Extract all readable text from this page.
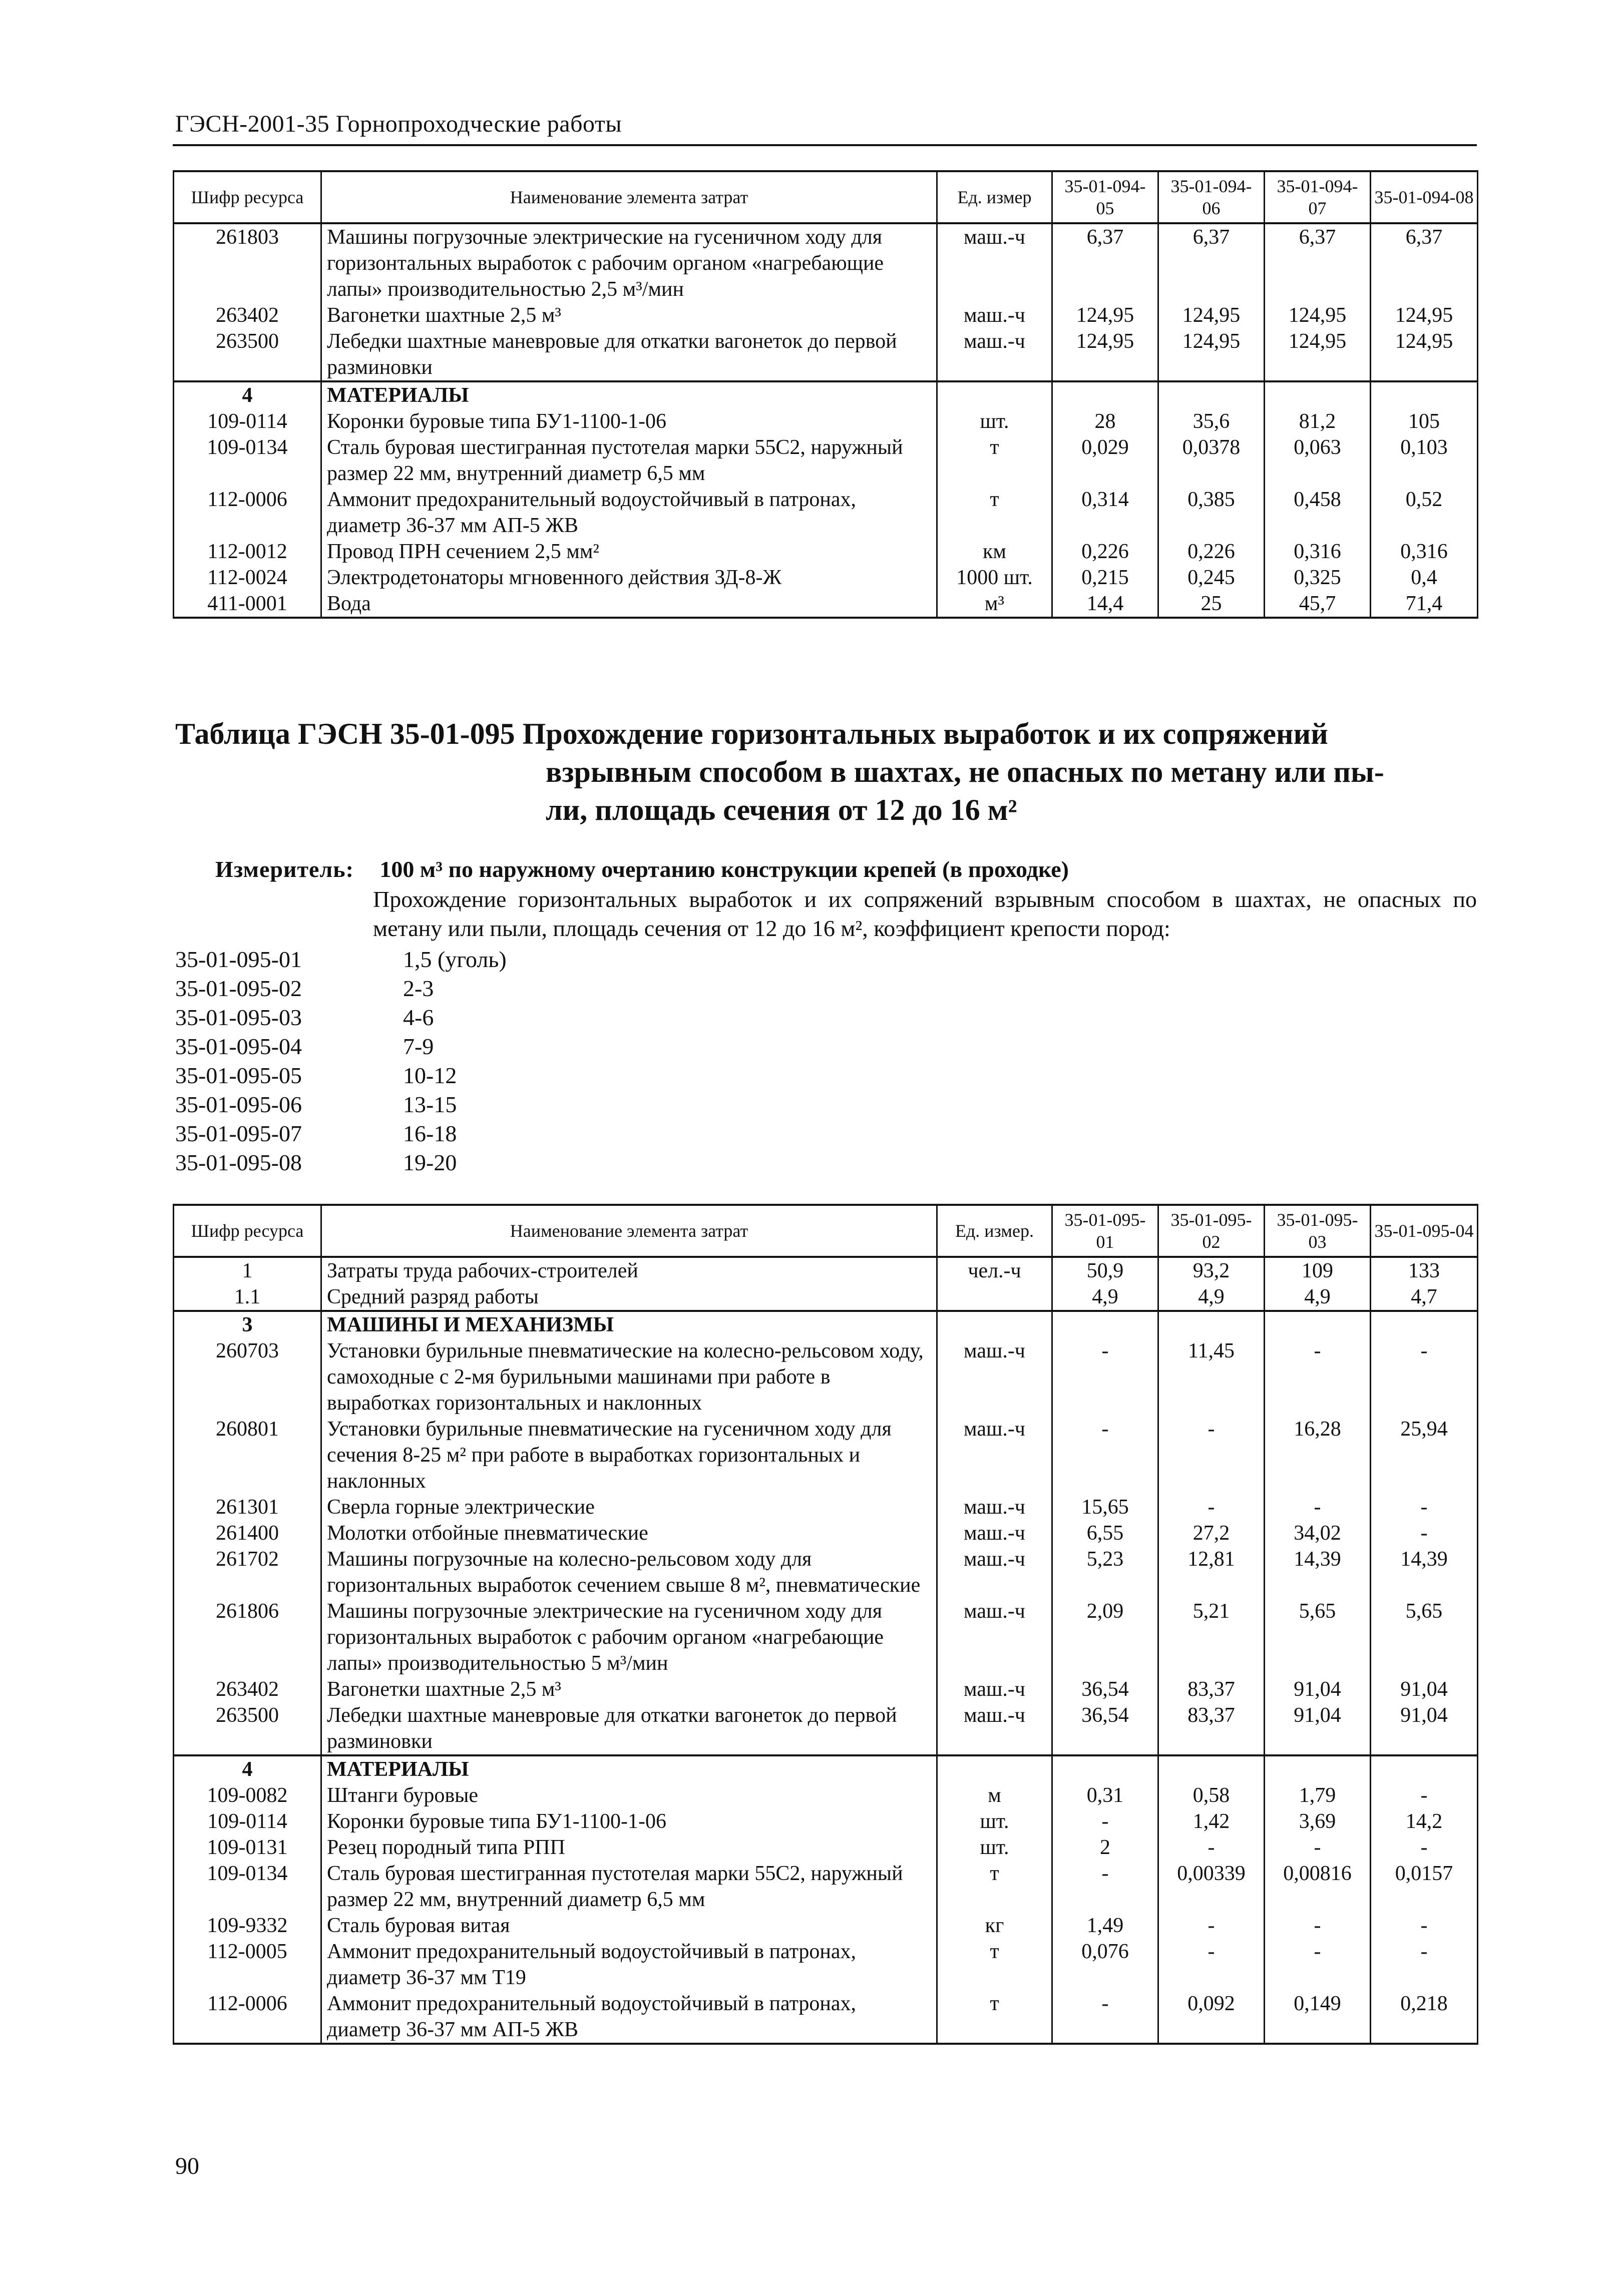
ГЭСН-2001-35 Горнопроходческие работы
Шифр ресурса	Наименование элемента затрат	Ед. измер	35-01-094-05	35-01-094-06	35-01-094-07	35-01-094-08
261803	Машины погрузочные электрические на гусеничном ходу для горизонтальных выработок с рабочим органом «нагребающие лапы» производительностью 2,5 м³/мин	маш.-ч	6,37	6,37	6,37	6,37
263402	Вагонетки шахтные 2,5 м³	маш.-ч	124,95	124,95	124,95	124,95
263500	Лебедки шахтные маневровые для откатки вагонеток до первой разминовки	маш.-ч	124,95	124,95	124,95	124,95
4	МАТЕРИАЛЫ					
109-0114	Коронки буровые типа БУ1-1100-1-06	шт.	28	35,6	81,2	105
109-0134	Сталь буровая шестигранная пустотелая марки 55С2, наружный размер 22 мм, внутренний диаметр 6,5 мм	т	0,029	0,0378	0,063	0,103
112-0006	Аммонит предохранительный водоустойчивый в патронах, диаметр 36-37 мм АП-5 ЖВ	т	0,314	0,385	0,458	0,52
112-0012	Провод ПРН сечением 2,5 мм²	км	0,226	0,226	0,316	0,316
112-0024	Электродетонаторы мгновенного действия ЗД-8-Ж	1000 шт.	0,215	0,245	0,325	0,4
411-0001	Вода	м³	14,4	25	45,7	71,4
Таблица ГЭСН 35-01-095 Прохождение горизонтальных выработок и их сопряжений
взрывным способом в шахтах, не опасных по метану или пы-
ли, площадь сечения от 12 до 16 м²
Измеритель: 100 м³ по наружному очертанию конструкции крепей (в проходке)
Прохождение горизонтальных выработок и их сопряжений взрывным способом в шахтах, не опасных по метану или пыли, площадь сечения от 12 до 16 м², коэффициент крепости пород:
35-01-095-01	1,5 (уголь)
35-01-095-02	2-3
35-01-095-03	4-6
35-01-095-04	7-9
35-01-095-05	10-12
35-01-095-06	13-15
35-01-095-07	16-18
35-01-095-08	19-20
Шифр ресурса	Наименование элемента затрат	Ед. измер.	35-01-095-01	35-01-095-02	35-01-095-03	35-01-095-04
1	Затраты труда рабочих-строителей	чел.-ч	50,9	93,2	109	133
1.1	Средний разряд работы		4,9	4,9	4,9	4,7
3	МАШИНЫ И МЕХАНИЗМЫ					
260703	Установки бурильные пневматические на колесно-рельсовом ходу, самоходные с 2-мя бурильными машинами при работе в выработках горизонтальных и наклонных	маш.-ч	-	11,45	-	-
260801	Установки бурильные пневматические на гусеничном ходу для сечения 8-25 м² при работе в выработках горизонтальных и наклонных	маш.-ч	-	-	16,28	25,94
261301	Сверла горные электрические	маш.-ч	15,65	-	-	-
261400	Молотки отбойные пневматические	маш.-ч	6,55	27,2	34,02	-
261702	Машины погрузочные на колесно-рельсовом ходу для горизонтальных выработок сечением свыше 8 м², пневматические	маш.-ч	5,23	12,81	14,39	14,39
261806	Машины погрузочные электрические на гусеничном ходу для горизонтальных выработок с рабочим органом «нагребающие лапы» производительностью 5 м³/мин	маш.-ч	2,09	5,21	5,65	5,65
263402	Вагонетки шахтные 2,5 м³	маш.-ч	36,54	83,37	91,04	91,04
263500	Лебедки шахтные маневровые для откатки вагонеток до первой разминовки	маш.-ч	36,54	83,37	91,04	91,04
4	МАТЕРИАЛЫ					
109-0082	Штанги буровые	м	0,31	0,58	1,79	-
109-0114	Коронки буровые типа БУ1-1100-1-06	шт.	-	1,42	3,69	14,2
109-0131	Резец породный типа РПП	шт.	2	-	-	-
109-0134	Сталь буровая шестигранная пустотелая марки 55С2, наружный размер 22 мм, внутренний диаметр 6,5 мм	т	-	0,00339	0,00816	0,0157
109-9332	Сталь буровая витая	кг	1,49	-	-	-
112-0005	Аммонит предохранительный водоустойчивый в патронах, диаметр 36-37 мм Т19	т	0,076	-	-	-
112-0006	Аммонит предохранительный водоустойчивый в патронах, диаметр 36-37 мм АП-5 ЖВ	т	-	0,092	0,149	0,218
90
